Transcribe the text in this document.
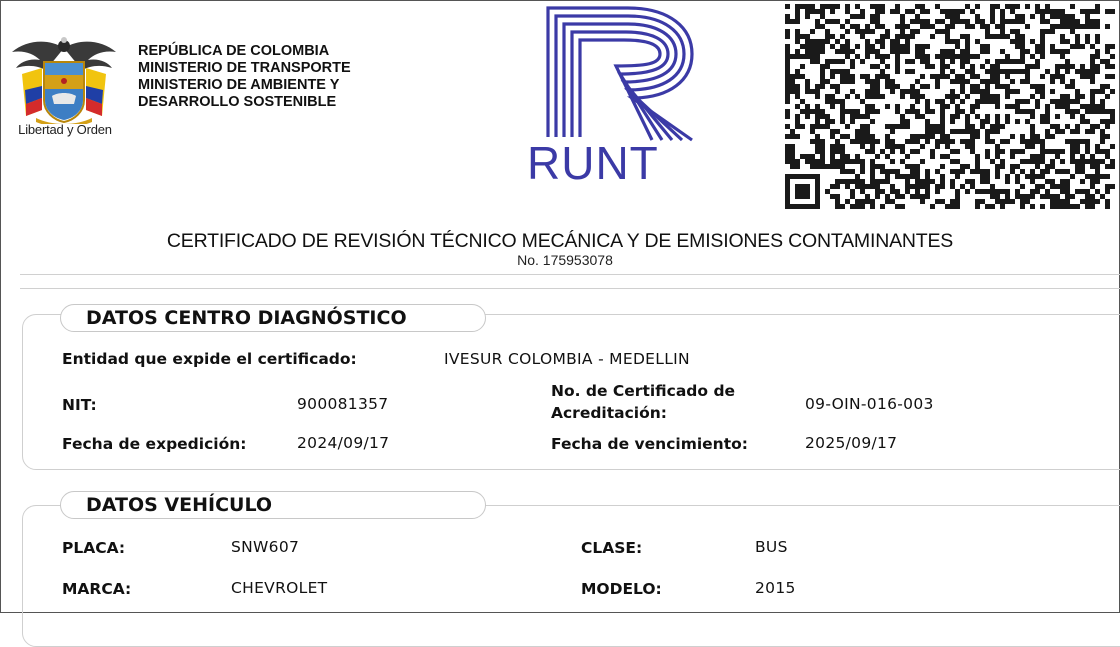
Libertad y Orden
REPÚBLICA DE COLOMBIA
MINISTERIO DE TRANSPORTE
MINISTERIO DE AMBIENTE Y
DESARROLLO SOSTENIBLE
RUNT
CERTIFICADO DE REVISIÓN TÉCNICO MECÁNICA Y DE EMISIONES CONTAMINANTES
No. 175953078
DATOS CENTRO DIAGNÓSTICO
Entidad que expide el certificado:	IVESUR COLOMBIA - MEDELLIN
NIT:	900081357
No. de Certificado de
Acreditación:	09-OIN-016-003
Fecha de expedición:	2024/09/17	Fecha de vencimiento:	2025/09/17
DATOS VEHÍCULO
PLACA:	SNW607	CLASE:	BUS
MARCA:	CHEVROLET	MODELO:	2015
